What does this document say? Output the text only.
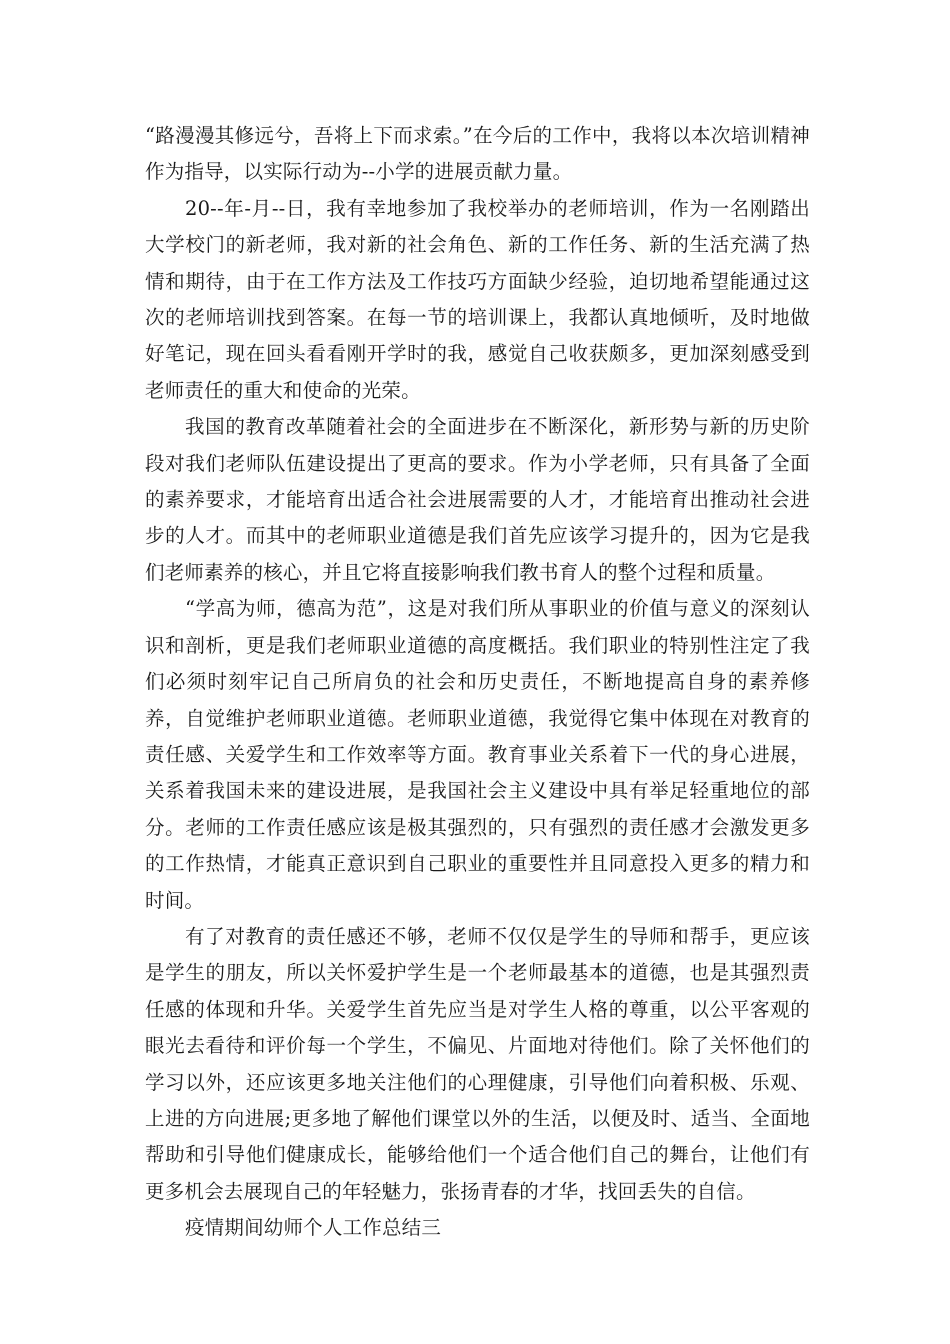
“路漫漫其修远兮，吾将上下而求索。”在今后的工作中，我将以本次培训精神作为指导，以实际行动为--小学的进展贡献力量。

20--年-月--日，我有幸地参加了我校举办的老师培训，作为一名刚踏出大学校门的新老师，我对新的社会角色、新的工作任务、新的生活充满了热情和期待，由于在工作方法及工作技巧方面缺少经验，迫切地希望能通过这次的老师培训找到答案。在每一节的培训课上，我都认真地倾听，及时地做好笔记，现在回头看看刚开学时的我，感觉自己收获颇多，更加深刻感受到老师责任的重大和使命的光荣。

我国的教育改革随着社会的全面进步在不断深化，新形势与新的历史阶段对我们老师队伍建设提出了更高的要求。作为小学老师，只有具备了全面的素养要求，才能培育出适合社会进展需要的人才，才能培育出推动社会进步的人才。而其中的老师职业道德是我们首先应该学习提升的，因为它是我们老师素养的核心，并且它将直接影响我们教书育人的整个过程和质量。

“学高为师，德高为范”，这是对我们所从事职业的价值与意义的深刻认识和剖析，更是我们老师职业道德的高度概括。我们职业的特别性注定了我们必须时刻牢记自己所肩负的社会和历史责任，不断地提高自身的素养修养，自觉维护老师职业道德。老师职业道德，我觉得它集中体现在对教育的责任感、关爱学生和工作效率等方面。教育事业关系着下一代的身心进展，关系着我国未来的建设进展，是我国社会主义建设中具有举足轻重地位的部分。老师的工作责任感应该是极其强烈的，只有强烈的责任感才会激发更多的工作热情，才能真正意识到自己职业的重要性并且同意投入更多的精力和时间。

有了对教育的责任感还不够，老师不仅仅是学生的导师和帮手，更应该是学生的朋友，所以关怀爱护学生是一个老师最基本的道德，也是其强烈责任感的体现和升华。关爱学生首先应当是对学生人格的尊重，以公平客观的眼光去看待和评价每一个学生，不偏见、片面地对待他们。除了关怀他们的学习以外，还应该更多地关注他们的心理健康，引导他们向着积极、乐观、上进的方向进展;更多地了解他们课堂以外的生活，以便及时、适当、全面地帮助和引导他们健康成长，能够给他们一个适合他们自己的舞台，让他们有更多机会去展现自己的年轻魅力，张扬青春的才华，找回丢失的自信。

疫情期间幼师个人工作总结三
